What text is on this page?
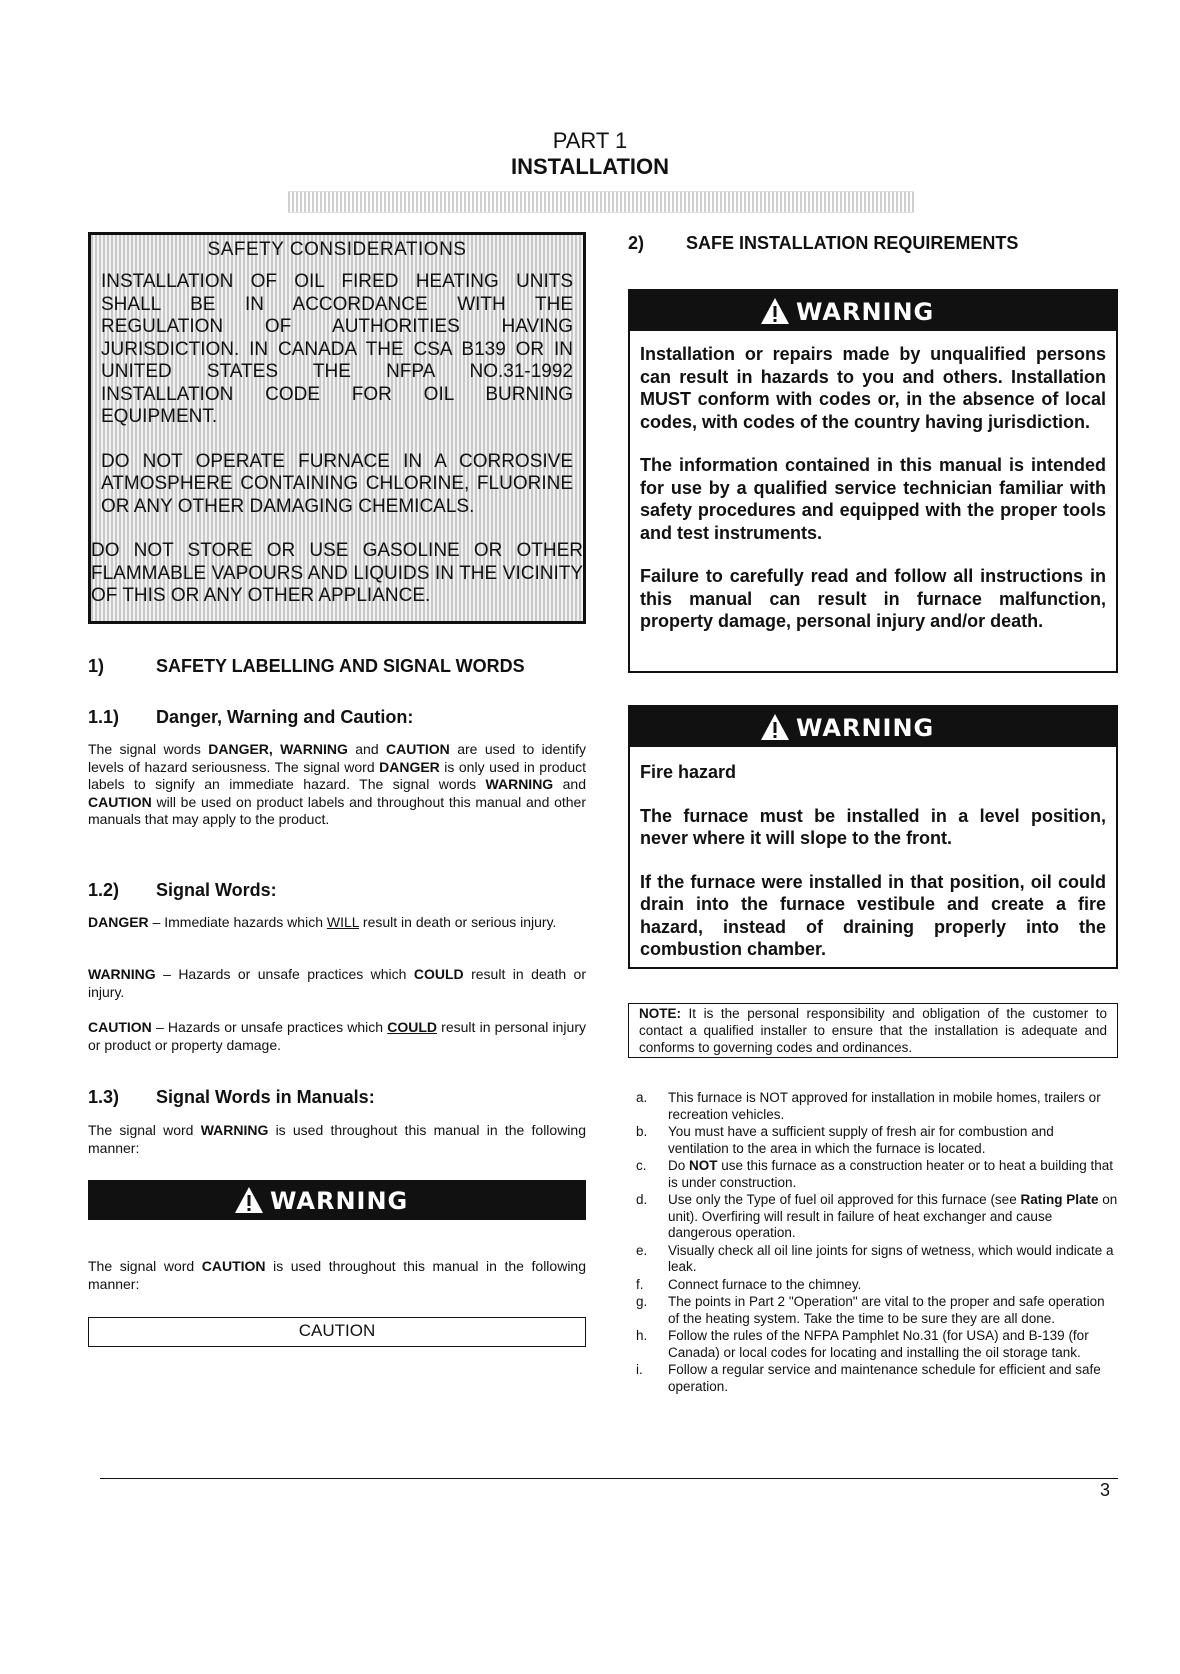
PART 1
INSTALLATION
SAFETY CONSIDERATIONS

INSTALLATION OF OIL FIRED HEATING UNITS SHALL BE IN ACCORDANCE WITH THE REGULATION OF AUTHORITIES HAVING JURISDICTION. IN CANADA THE CSA B139 OR IN UNITED STATES THE NFPA NO.31-1992 INSTALLATION CODE FOR OIL BURNING EQUIPMENT.

DO NOT OPERATE FURNACE IN A CORROSIVE ATMOSPHERE CONTAINING CHLORINE, FLUORINE OR ANY OTHER DAMAGING CHEMICALS.

DO NOT STORE OR USE GASOLINE OR OTHER FLAMMABLE VAPOURS AND LIQUIDS IN THE VICINITY OF THIS OR ANY OTHER APPLIANCE.

1)	SAFETY LABELLING AND SIGNAL WORDS
1.1) Danger, Warning and Caution:
The signal words DANGER, WARNING and CAUTION are used to identify levels of hazard seriousness. The signal word DANGER is only used in product labels to signify an immediate hazard. The signal words WARNING and CAUTION will be used on product labels and throughout this manual and other manuals that may apply to the product.
1.2) Signal Words:
DANGER – Immediate hazards which WILL result in death or serious injury.
WARNING – Hazards or unsafe practices which COULD result in death or injury.
CAUTION – Hazards or unsafe practices which COULD result in personal injury or product or property damage.
1.3) Signal Words in Manuals:
The signal word WARNING is used throughout this manual in the following manner:
WARNING
The signal word CAUTION is used throughout this manual in the following manner:
CAUTION
2) SAFE INSTALLATION REQUIREMENTS
WARNING

Installation or repairs made by unqualified persons can result in hazards to you and others. Installation MUST conform with codes or, in the absence of local codes, with codes of the country having jurisdiction.

The information contained in this manual is intended for use by a qualified service technician familiar with safety procedures and equipped with the proper tools and test instruments.

Failure to carefully read and follow all instructions in this manual can result in furnace malfunction, property damage, personal injury and/or death.

WARNING

Fire hazard

The furnace must be installed in a level position, never where it will slope to the front.

If the furnace were installed in that position, oil could drain into the furnace vestibule and create a fire hazard, instead of draining properly into the combustion chamber.

NOTE: It is the personal responsibility and obligation of the customer to contact a qualified installer to ensure that the installation is adequate and conforms to governing codes and ordinances.
a. This furnace is NOT approved for installation in mobile homes, trailers or recreation vehicles.
b. You must have a sufficient supply of fresh air for combustion and ventilation to the area in which the furnace is located.
c. Do NOT use this furnace as a construction heater or to heat a building that is under construction.
d. Use only the Type of fuel oil approved for this furnace (see Rating Plate on unit). Overfiring will result in failure of heat exchanger and cause dangerous operation.
e. Visually check all oil line joints for signs of wetness, which would indicate a leak.
f. Connect furnace to the chimney.
g. The points in Part 2 "Operation" are vital to the proper and safe operation of the heating system. Take the time to be sure they are all done.
h. Follow the rules of the NFPA Pamphlet No.31 (for USA) and B-139 (for Canada) or local codes for locating and installing the oil storage tank.
i. Follow a regular service and maintenance schedule for efficient and safe operation.
3
